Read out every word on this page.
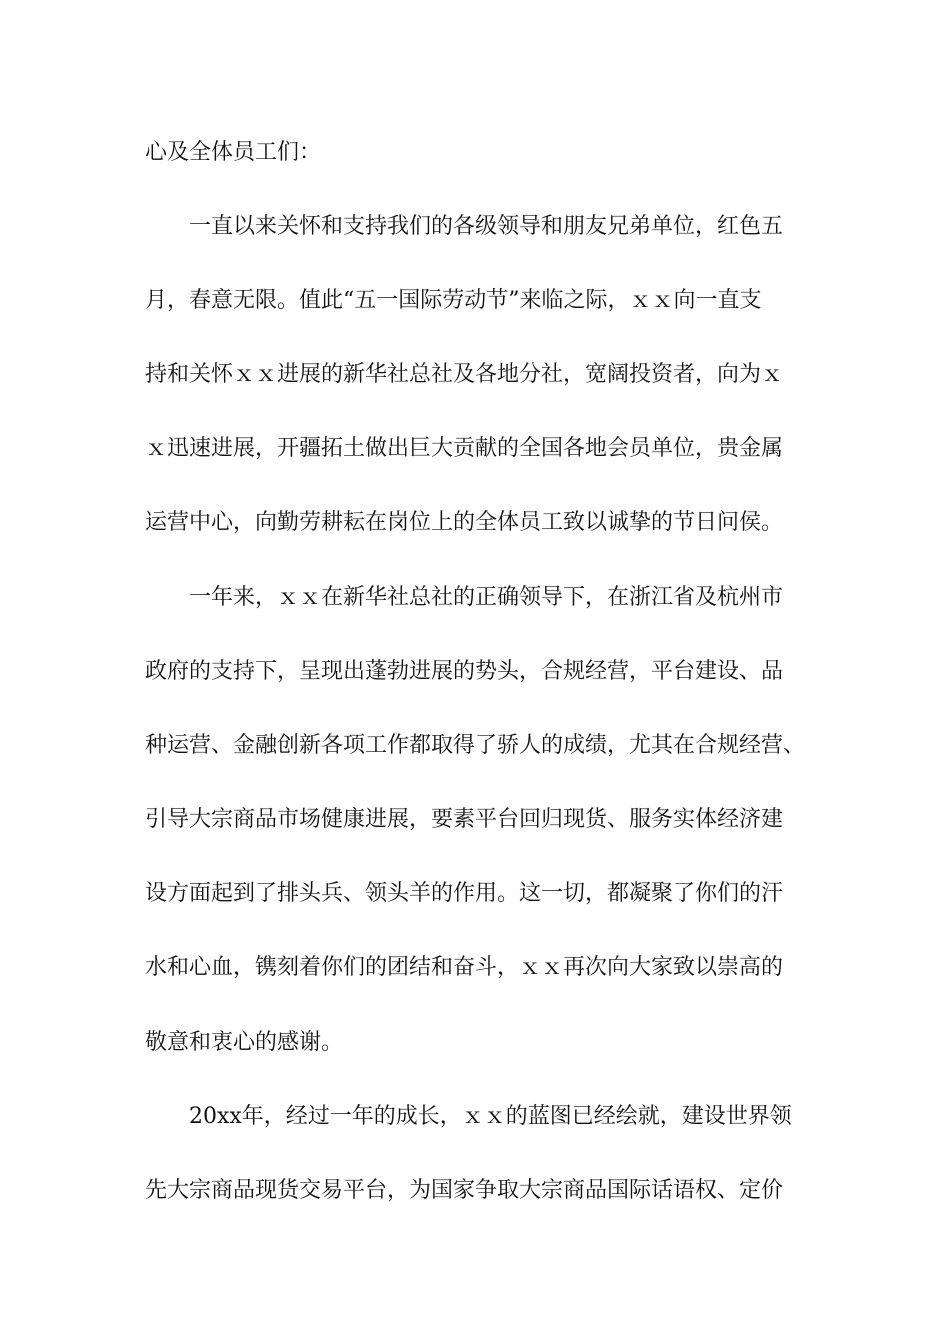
心及全体员工们：
一直以来关怀和支持我们的各级领导和朋友兄弟单位，红色五
月，春意无限。值此“五一国际劳动节”来临之际，ｘｘ向一直支
持和关怀ｘｘ进展的新华社总社及各地分社，宽阔投资者，向为ｘ
ｘ迅速进展，开疆拓土做出巨大贡献的全国各地会员单位，贵金属
运营中心，向勤劳耕耘在岗位上的全体员工致以诚挚的节日问侯。
一年来，ｘｘ在新华社总社的正确领导下，在浙江省及杭州市
政府的支持下，呈现出蓬勃进展的势头，合规经营，平台建设、品
种运营、金融创新各项工作都取得了骄人的成绩，尤其在合规经营、
引导大宗商品市场健康进展，要素平台回归现货、服务实体经济建
设方面起到了排头兵、领头羊的作用。这一切，都凝聚了你们的汗
水和心血，镌刻着你们的团结和奋斗，ｘｘ再次向大家致以崇高的
敬意和衷心的感谢。
20xx年，经过一年的成长，ｘｘ的蓝图已经绘就，建设世界领
先大宗商品现货交易平台，为国家争取大宗商品国际话语权、定价
